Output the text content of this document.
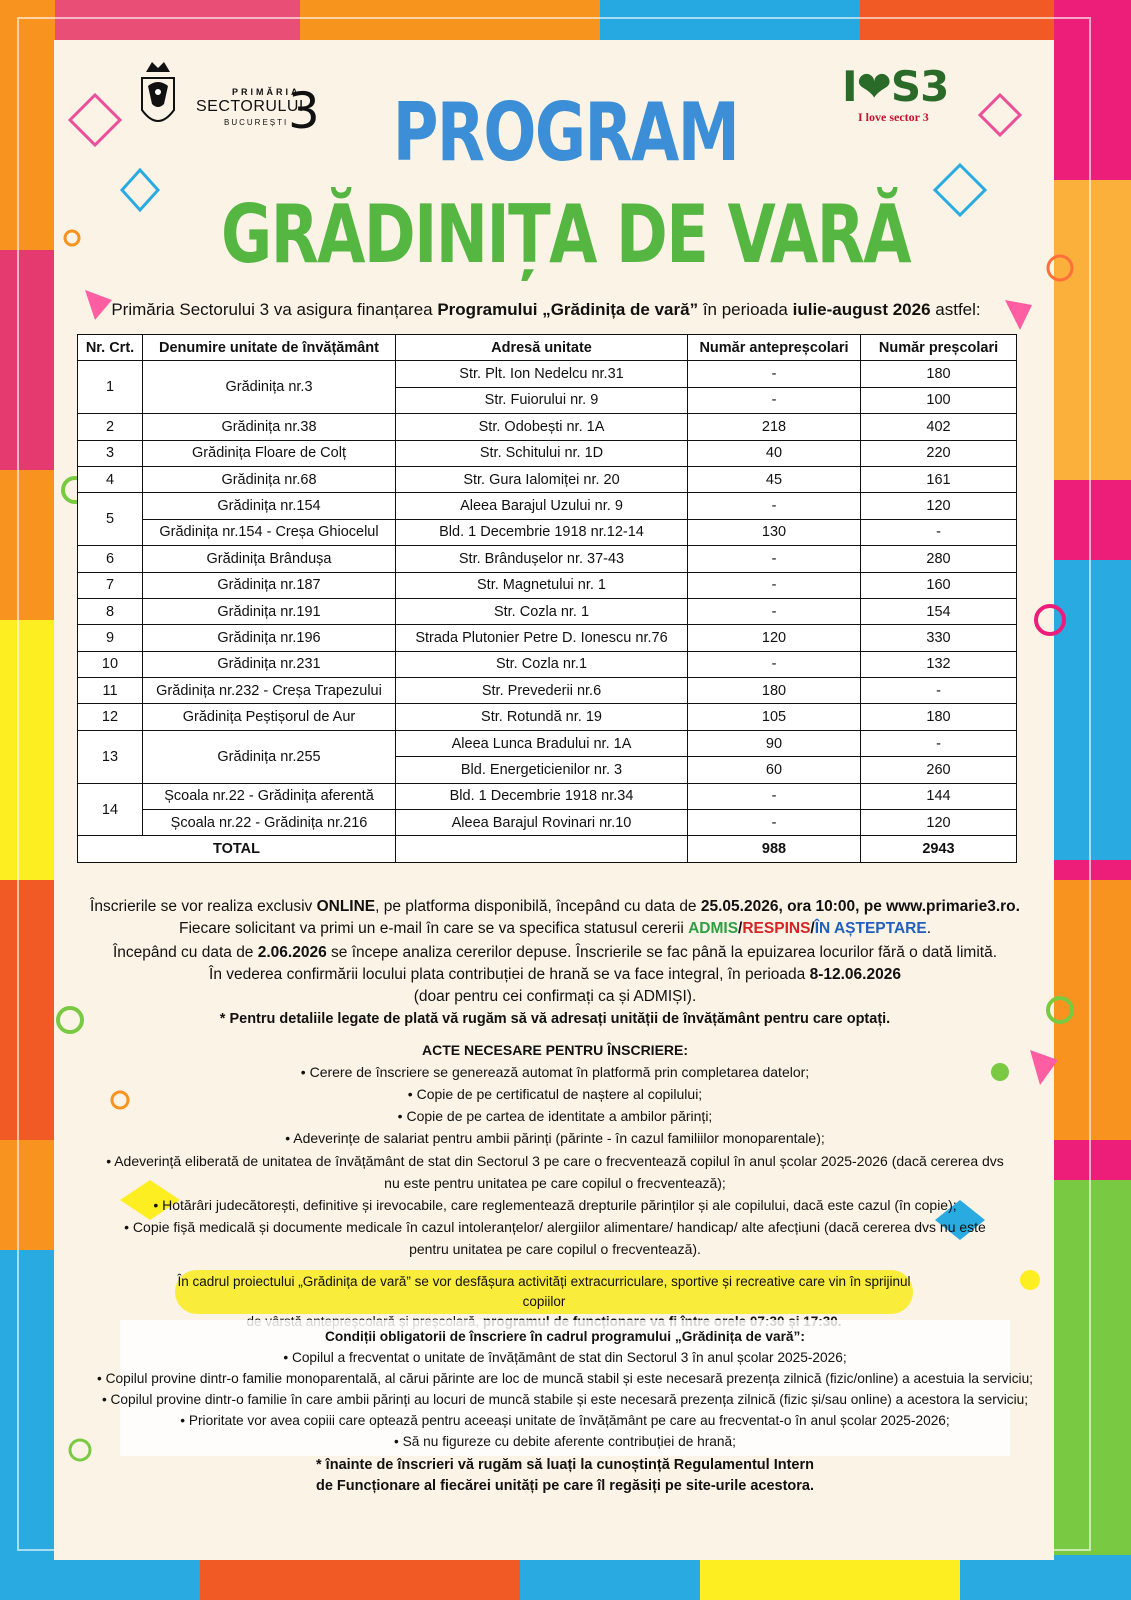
PRIMĂRIA
SECTORULUI
BUCUREȘTI 3	I❤S3
I love sector 3
PROGRAM
GRĂDINIȚA DE VARĂ
Primăria Sectorului 3 va asigura finanțarea Programului „Grădinița de vară” în perioada iulie-august 2026 astfel:
Nr. Crt.	Denumire unitate de învățământ	Adresă unitate	Număr antepreșcolari	Număr preșcolari
1	Grădinița nr.3	Str. Plt. Ion Nedelcu nr.31	-	180
		Str. Fuiorului nr. 9	-	100
2	Grădinița nr.38	Str. Odobești nr. 1A	218	402
3	Grădinița Floare de Colț	Str. Schitului nr. 1D	40	220
4	Grădinița nr.68	Str. Gura Ialomiței nr. 20	45	161
5	Grădinița nr.154	Aleea Barajul Uzului nr. 9	-	120
	Grădinița nr.154 - Creșa Ghiocelul	Bld. 1 Decembrie 1918 nr.12-14	130	-
6	Grădinița Brândușa	Str. Brândușelor nr. 37-43	-	280
7	Grădinița nr.187	Str. Magnetului nr. 1	-	160
8	Grădinița nr.191	Str. Cozla nr. 1	-	154
9	Grădinița nr.196	Strada Plutonier Petre D. Ionescu nr.76	120	330
10	Grădinița nr.231	Str. Cozla nr.1	-	132
11	Grădinița nr.232 - Creșa Trapezului	Str. Prevederii nr.6	180	-
12	Grădinița Peștișorul de Aur	Str. Rotundă nr. 19	105	180
13	Grădinița nr.255	Aleea Lunca Bradului nr. 1A	90	-
		Bld. Energeticienilor nr. 3	60	260
14	Școala nr.22 - Grădinița aferentă	Bld. 1 Decembrie 1918 nr.34	-	144
	Școala nr.22 - Grădinița nr.216	Aleea Barajul Rovinari nr.10	-	120
TOTAL			988	2943
Înscrierile se vor realiza exclusiv ONLINE, pe platforma disponibilă, începând cu data de 25.05.2026, ora 10:00, pe www.primarie3.ro.
Fiecare solicitant va primi un e-mail în care se va specifica statusul cererii ADMIS/RESPINS/ÎN AȘTEPTARE.
Începând cu data de 2.06.2026 se începe analiza cererilor depuse. Înscrierile se fac până la epuizarea locurilor fără o dată limită.
În vederea confirmării locului plata contribuției de hrană se va face integral, în perioada 8-12.06.2026
(doar pentru cei confirmați ca și ADMIȘI).
* Pentru detaliile legate de plată vă rugăm să vă adresați unității de învățământ pentru care optați.
ACTE NECESARE PENTRU ÎNSCRIERE:
• Cerere de înscriere se generează automat în platformă prin completarea datelor;
• Copie de pe certificatul de naștere al copilului;
• Copie de pe cartea de identitate a ambilor părinți;
• Adeverințe de salariat pentru ambii părinți (părinte - în cazul familiilor monoparentale);
• Adeverință eliberată de unitatea de învățământ de stat din Sectorul 3 pe care o frecventează copilul în anul școlar 2025-2026 (dacă cererea dvs
nu este pentru unitatea pe care copilul o frecventează);
• Hotărâri judecătorești, definitive și irevocabile, care reglementează drepturile părinților și ale copilului, dacă este cazul (în copie);
• Copie fișă medicală și documente medicale în cazul intoleranțelor/ alergiilor alimentare/ handicap/ alte afecțiuni (dacă cererea dvs nu este
pentru unitatea pe care copilul o frecventează).
În cadrul proiectului „Grădinița de vară” se vor desfășura activități extracurriculare, sportive și recreative care vin în sprijinul copiilor
Condiții obligatorii de înscriere în cadrul programului „Grădinița de vară”:
• Copilul a frecventat o unitate de învățământ de stat din Sectorul 3 în anul școlar 2025-2026;
• Copilul provine dintr-o familie monoparentală, al cărui părinte are loc de muncă stabil și este necesară prezența zilnică (fizic/online) a acestuia la serviciu;
• Copilul provine dintr-o familie în care ambii părinți au locuri de muncă stabile și este necesară prezența zilnică (fizic și/sau online) a acestora la serviciu;
• Prioritate vor avea copiii care optează pentru aceeași unitate de învățământ pe care au frecventat-o în anul școlar 2025-2026;
• Să nu figureze cu debite aferente contribuției de hrană;
* înainte de înscrieri vă rugăm să luați la cunoștință Regulamentul Intern
de Funcționare al fiecărei unități pe care îl regăsiți pe site-urile acestora.
